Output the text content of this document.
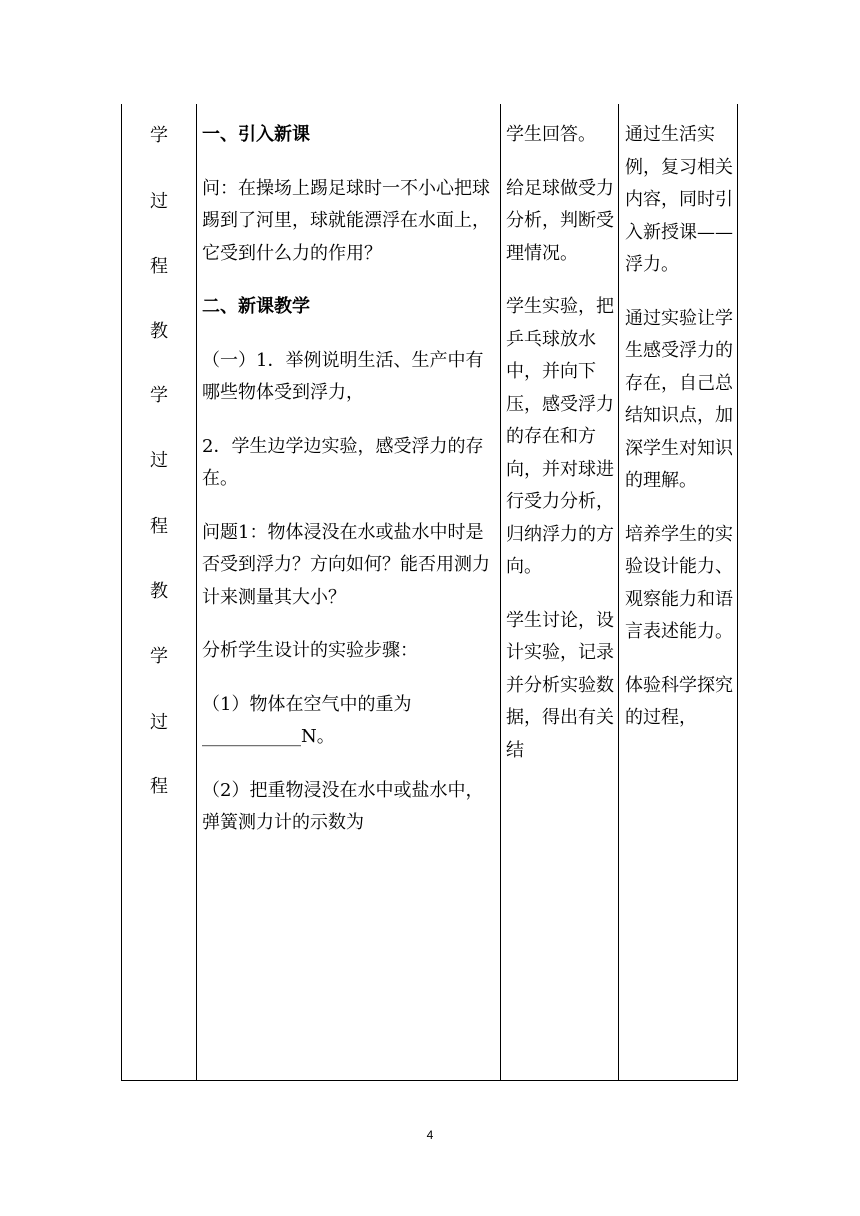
学
过
程
教
学
过
程
教
学
过
程

一、引入新课

问：在操场上踢足球时一不小心把球踢到了河里，球就能漂浮在水面上，它受到什么力的作用？

二、新课教学

（一）1．举例说明生活、生产中有哪些物体受到浮力，

2．学生边学边实验，感受浮力的存在。

问题1：物体浸没在水或盐水中时是否受到浮力？方向如何？能否用测力计来测量其大小？

分析学生设计的实验步骤：

（1）物体在空气中的重为 ___________N。

（2）把重物浸没在水中或盐水中，弹簧测力计的示数为

学生回答。

给足球做受力分析，判断受理情况。

学生实验，把乒乓球放水中，并向下压，感受浮力的存在和方向，并对球进行受力分析，归纳浮力的方向。

学生讨论，设计实验，记录并分析实验数据，得出有关结

通过生活实例，复习相关内容，同时引入新授课——浮力。

通过实验让学生感受浮力的存在，自己总结知识点，加深学生对知识的理解。

培养学生的实验设计能力、观察能力和语言表述能力。

体验科学探究的过程，

4
